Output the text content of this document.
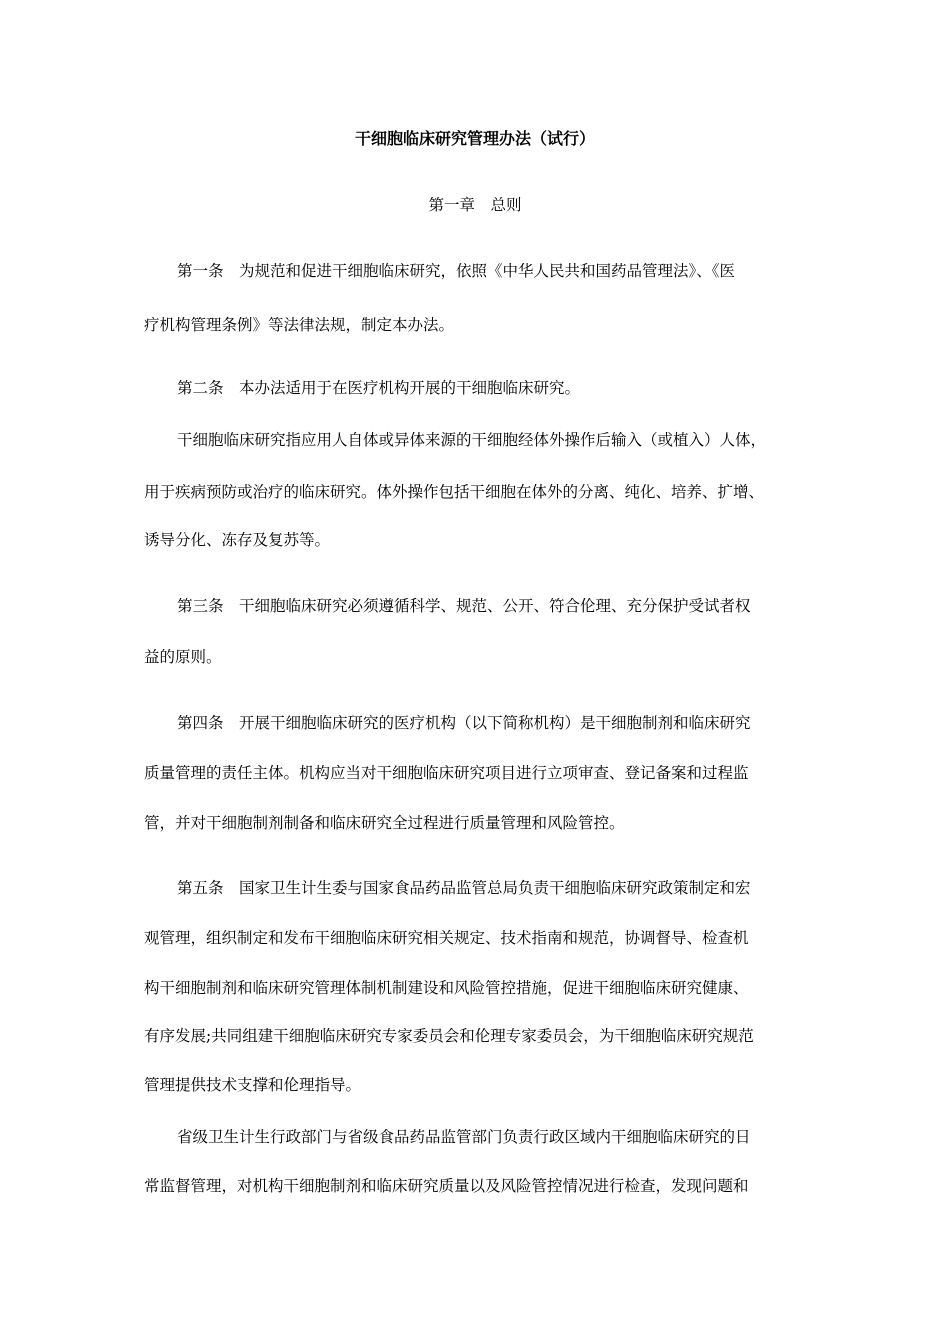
干细胞临床研究管理办法（试行）
第一章　总则
第一条　为规范和促进干细胞临床研究，依照《中华人民共和国药品管理法》、《医
疗机构管理条例》等法律法规，制定本办法。
第二条　本办法适用于在医疗机构开展的干细胞临床研究。
干细胞临床研究指应用人自体或异体来源的干细胞经体外操作后输入（或植入）人体，
用于疾病预防或治疗的临床研究。体外操作包括干细胞在体外的分离、纯化、培养、扩增、
诱导分化、冻存及复苏等。
第三条　干细胞临床研究必须遵循科学、规范、公开、符合伦理、充分保护受试者权
益的原则。
第四条　开展干细胞临床研究的医疗机构（以下简称机构）是干细胞制剂和临床研究
质量管理的责任主体。机构应当对干细胞临床研究项目进行立项审查、登记备案和过程监
管，并对干细胞制剂制备和临床研究全过程进行质量管理和风险管控。
第五条　国家卫生计生委与国家食品药品监管总局负责干细胞临床研究政策制定和宏
观管理，组织制定和发布干细胞临床研究相关规定、技术指南和规范，协调督导、检查机
构干细胞制剂和临床研究管理体制机制建设和风险管控措施，促进干细胞临床研究健康、
有序发展;共同组建干细胞临床研究专家委员会和伦理专家委员会，为干细胞临床研究规范
管理提供技术支撑和伦理指导。
省级卫生计生行政部门与省级食品药品监管部门负责行政区域内干细胞临床研究的日
常监督管理，对机构干细胞制剂和临床研究质量以及风险管控情况进行检查，发现问题和
